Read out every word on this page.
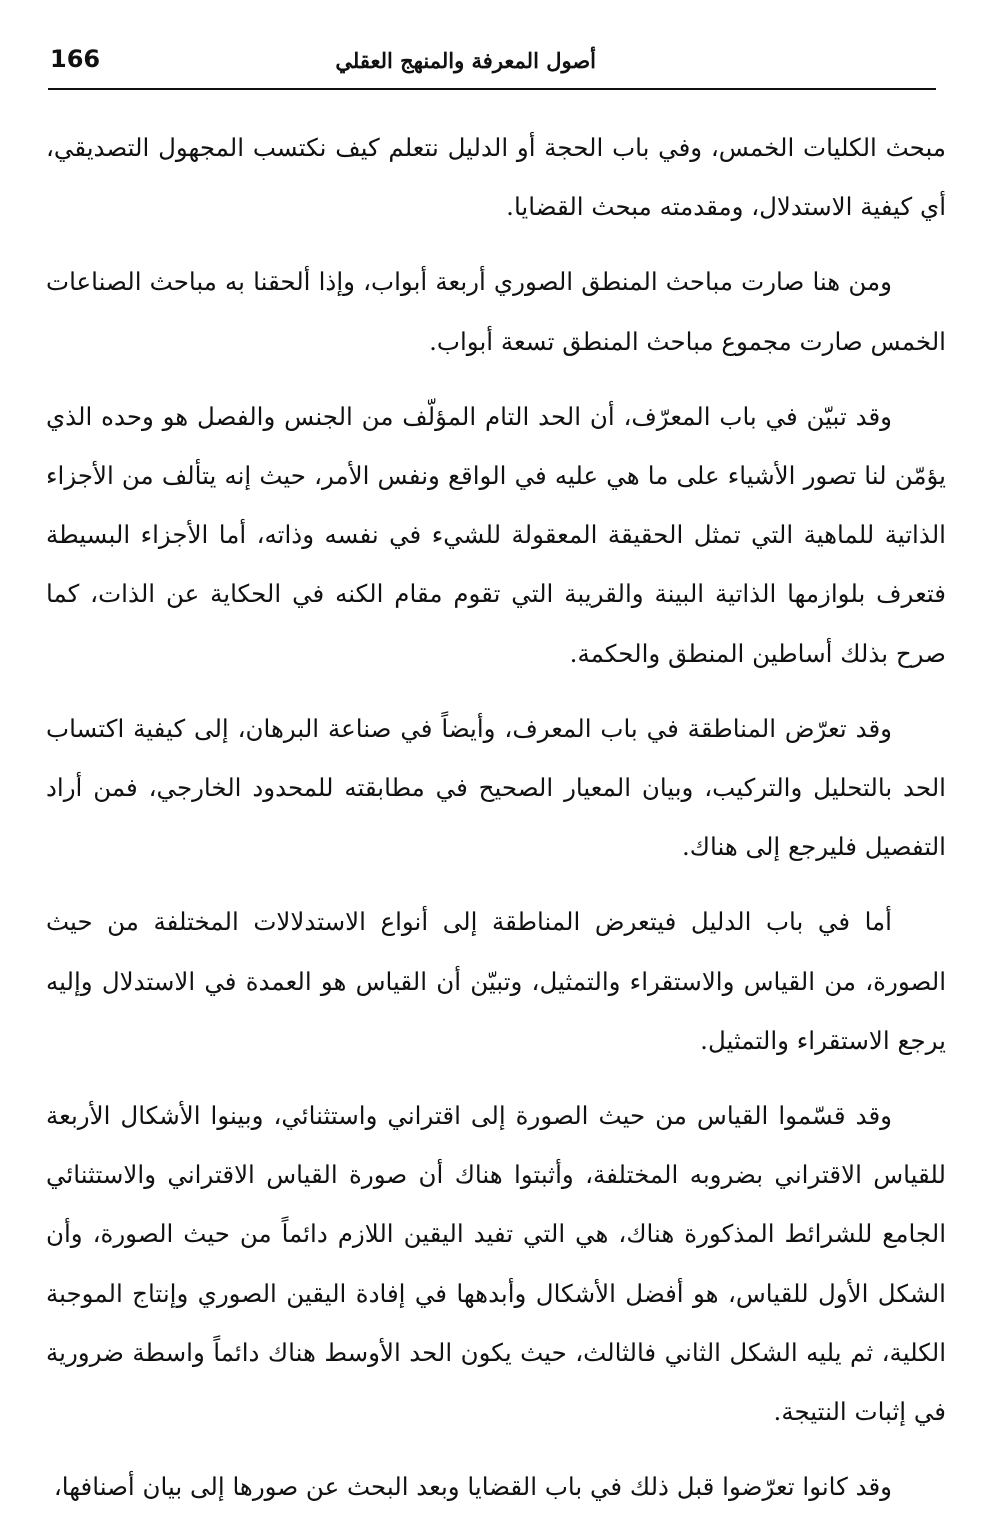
166	أصول المعرفة والمنهج العقلي

مبحث الكليات الخمس، وفي باب الحجة أو الدليل نتعلم كيف نكتسب المجهول التصديقي، أي كيفية الاستدلال، ومقدمته مبحث القضايا.

ومن هنا صارت مباحث المنطق الصوري أربعة أبواب، وإذا ألحقنا به مباحث الصناعات الخمس صارت مجموع مباحث المنطق تسعة أبواب.

وقد تبيّن في باب المعرّف، أن الحد التام المؤلّف من الجنس والفصل هو وحده الذي يؤمّن لنا تصور الأشياء على ما هي عليه في الواقع ونفس الأمر، حيث إنه يتألف من الأجزاء الذاتية للماهية التي تمثل الحقيقة المعقولة للشيء في نفسه وذاته، أما الأجزاء البسيطة فتعرف بلوازمها الذاتية البينة والقريبة التي تقوم مقام الكنه في الحكاية عن الذات، كما صرح بذلك أساطين المنطق والحكمة.

وقد تعرّض المناطقة في باب المعرف، وأيضاً في صناعة البرهان، إلى كيفية اكتساب الحد بالتحليل والتركيب، وبيان المعيار الصحيح في مطابقته للمحدود الخارجي، فمن أراد التفصيل فليرجع إلى هناك.

أما في باب الدليل فيتعرض المناطقة إلى أنواع الاستدلالات المختلفة من حيث الصورة، من القياس والاستقراء والتمثيل، وتبيّن أن القياس هو العمدة في الاستدلال وإليه يرجع الاستقراء والتمثيل.

وقد قسّموا القياس من حيث الصورة إلى اقتراني واستثنائي، وبينوا الأشكال الأربعة للقياس الاقتراني بضروبه المختلفة، وأثبتوا هناك أن صورة القياس الاقتراني والاستثنائي الجامع للشرائط المذكورة هناك، هي التي تفيد اليقين اللازم دائماً من حيث الصورة، وأن الشكل الأول للقياس، هو أفضل الأشكال وأبدهها في إفادة اليقين الصوري وإنتاج الموجبة الكلية، ثم يليه الشكل الثاني فالثالث، حيث يكون الحد الأوسط هناك دائماً واسطة ضرورية في إثبات النتيجة.

وقد كانوا تعرّضوا قبل ذلك في باب القضايا وبعد البحث عن صورها إلى بيان أصنافها،
